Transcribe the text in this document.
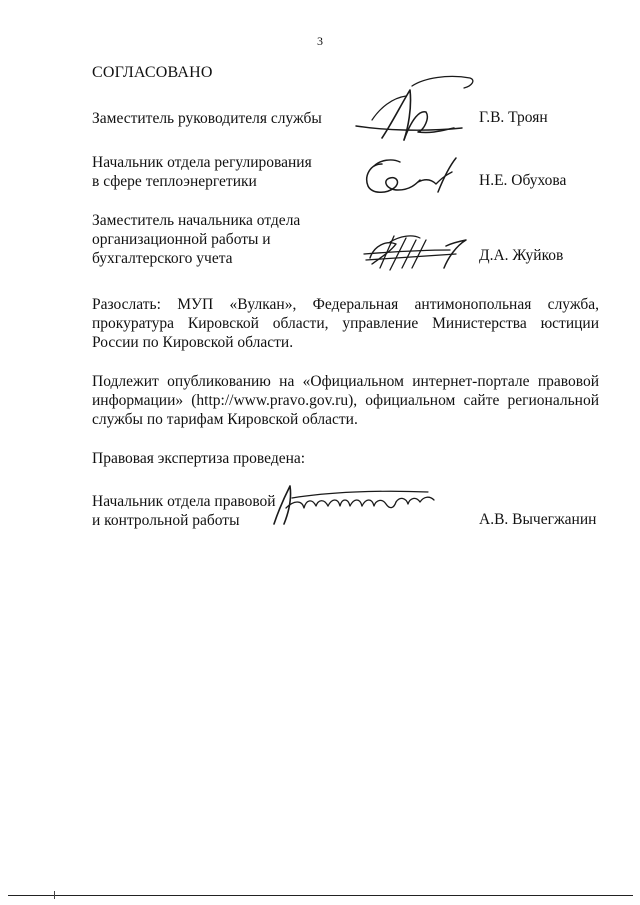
3
СОГЛАСОВАНО
Заместитель руководителя службы	Г.В. Троян
Начальник отдела регулирования
в сфере теплоэнергетики	Н.Е. Обухова
Заместитель начальника отдела
организационной работы и
бухгалтерского учета	Д.А. Жуйков
Разослать: МУП «Вулкан», Федеральная антимонопольная служба, прокуратура Кировской области, управление Министерства юстиции России по Кировской области.
Подлежит опубликованию на «Официальном интернет-портале правовой информации» (http://www.pravo.gov.ru), официальном сайте региональной службы по тарифам Кировской области.
Правовая экспертиза проведена:
Начальник отдела правовой
и контрольной работы	А.В. Вычегжанин
